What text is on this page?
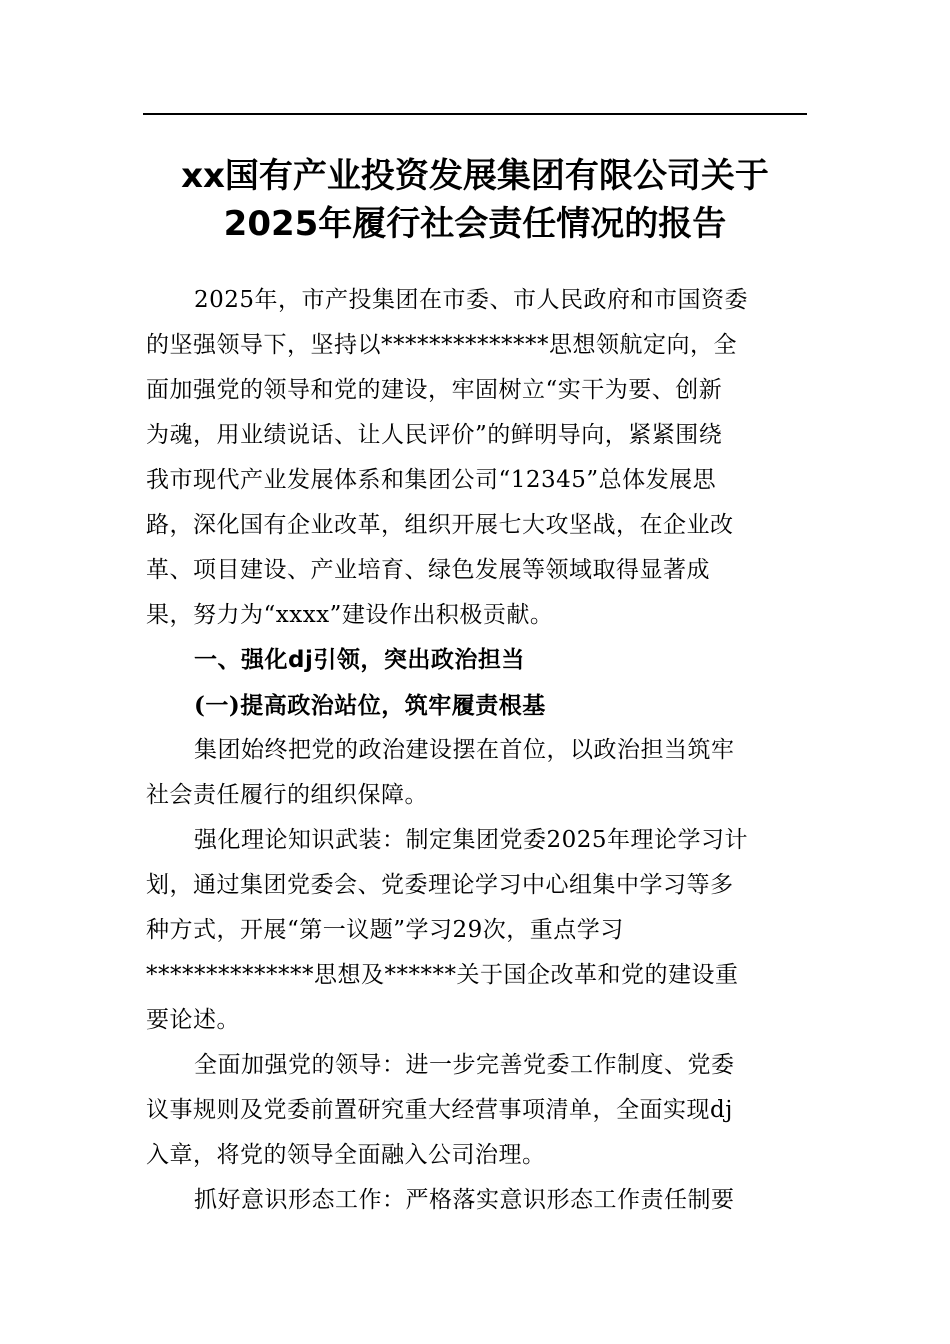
xx国有产业投资发展集团有限公司关于
2025年履行社会责任情况的报告
2025年，市产投集团在市委、市人民政府和市国资委
的坚强领导下，坚持以**************思想领航定向，全
面加强党的领导和党的建设，牢固树立“实干为要、创新
为魂，用业绩说话、让人民评价”的鲜明导向，紧紧围绕
我市现代产业发展体系和集团公司“12345”总体发展思
路，深化国有企业改革，组织开展七大攻坚战，在企业改
革、项目建设、产业培育、绿色发展等领域取得显著成
果，努力为“xxxx”建设作出积极贡献。
一、强化dj引领，突出政治担当
(一)提高政治站位，筑牢履责根基
集团始终把党的政治建设摆在首位，以政治担当筑牢
社会责任履行的组织保障。
强化理论知识武装：制定集团党委2025年理论学习计
划，通过集团党委会、党委理论学习中心组集中学习等多
种方式，开展“第一议题”学习29次，重点学习
**************思想及******关于国企改革和党的建设重
要论述。
全面加强党的领导：进一步完善党委工作制度、党委
议事规则及党委前置研究重大经营事项清单，全面实现dj
入章，将党的领导全面融入公司治理。
抓好意识形态工作：严格落实意识形态工作责任制要
